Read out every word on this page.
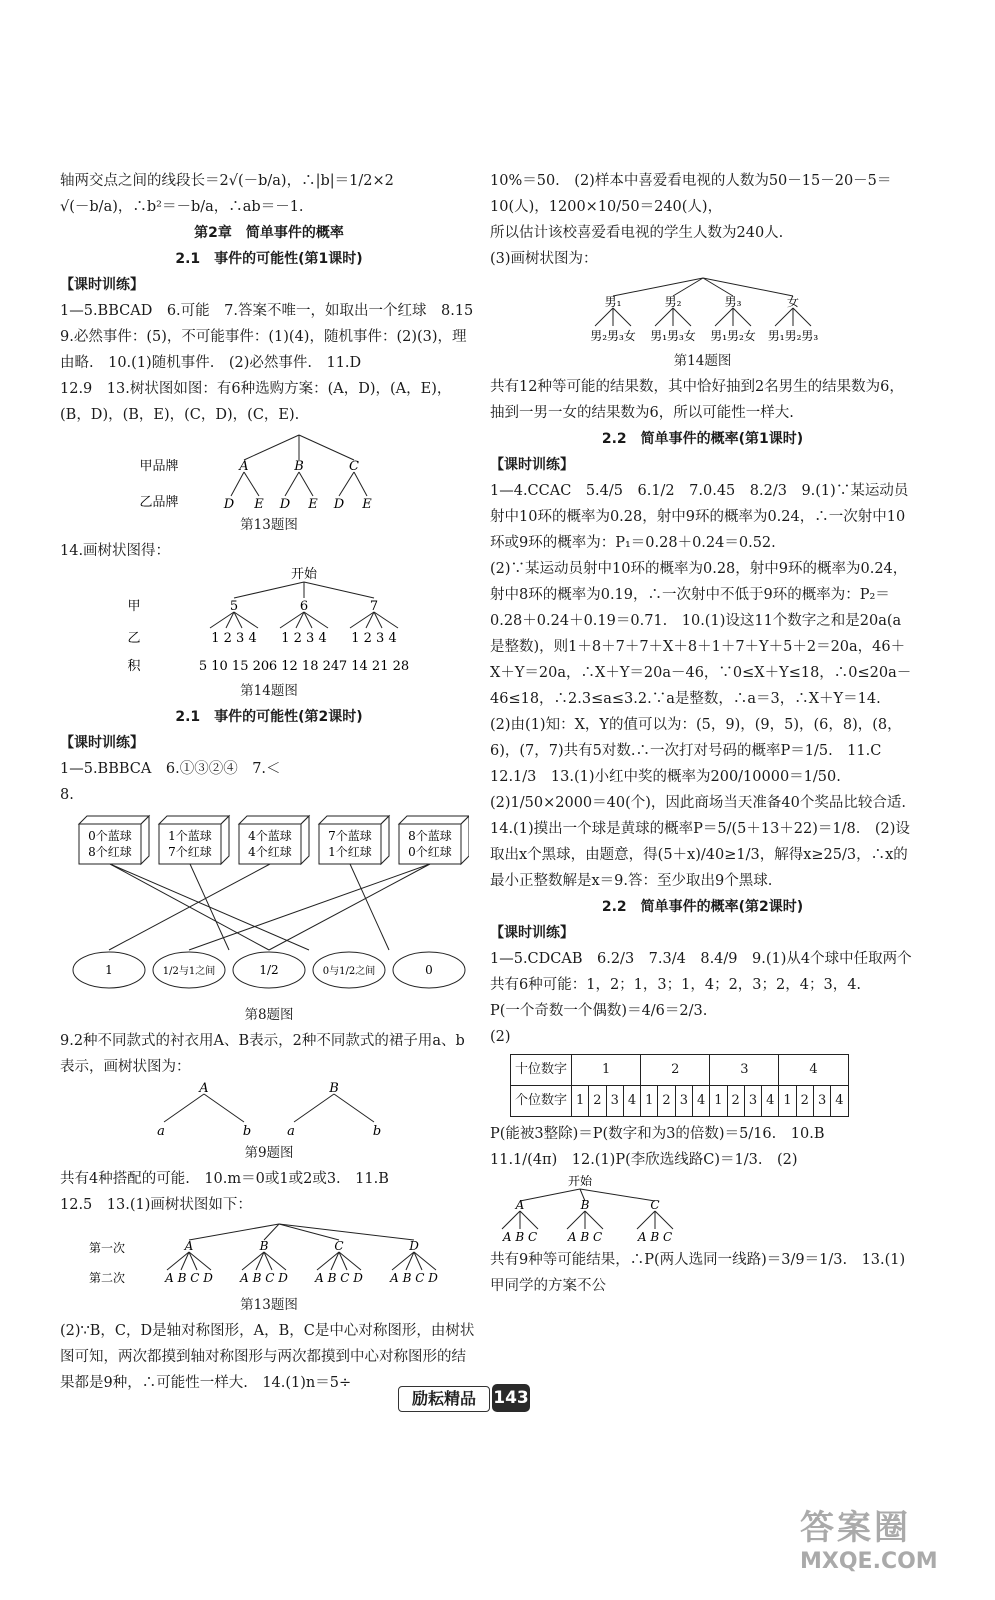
轴两交点之间的线段长＝2√(－b/a)，∴|b|＝1/2×2

√(－b/a)，∴b²＝－b/a，∴ab＝－1.

第2章　简单事件的概率

2.1　事件的可能性(第1课时)

【课时训练】

1—5.BBCAD　6.可能　7.答案不唯一，如取出一个红球　8.15　9.必然事件：(5)，不可能事件：(1)(4)，随机事件：(2)(3)，理由略.　10.(1)随机事件.　(2)必然事件.　11.D

12.9　13.树状图如图：有6种选购方案：(A，D)，(A，E)，(B，D)，(B，E)，(C，D)，(C，E).

甲品牌
乙品牌
A	B	C
D E D E D E

第13题图

14.画树状图得：

开始
甲
乙
积
5	6	7
1 2 3 4 1 2 3 4 1 2 3 4
5 10 15 20 6 12 18 24 7 14 21 28

第14题图

2.1　事件的可能性(第2课时)

【课时训练】

1—5.BBBCA　6.①③②④　7.＜

8.

0个蓝球
8个红球
1个蓝球
7个红球
4个蓝球
4个红球
7个蓝球
1个红球
8个蓝球
0个红球
1	1/2与1之间	1/2	0与1/2之间	0

第8题图

9.2种不同款式的衬衣用A、B表示，2种不同款式的裙子用a、b表示，画树状图为：

A	B
a	b	a	b

第9题图

共有4种搭配的可能.　10.m＝0或1或2或3.　11.B

12.5　13.(1)画树状图如下：

第一次
第二次
A	B	C	D
A B C D A B C D A B C D A B C D

第13题图

(2)∵B，C，D是轴对称图形，A，B，C是中心对称图形，由树状图可知，两次都摸到轴对称图形与两次都摸到中心对称图形的结果都是9种，∴可能性一样大.　14.(1)n＝5÷

10%＝50.　(2)样本中喜爱看电视的人数为50－15－20－5＝10(人)，1200×10/50＝240(人)，

所以估计该校喜爱看电视的学生人数为240人.

(3)画树状图为：

男₁	男₂	男₃	女
男₂男₃女 男₁男₃女 男₁男₂女 男₁男₂男₃

第14题图

共有12种等可能的结果数，其中恰好抽到2名男生的结果数为6，抽到一男一女的结果数为6，所以可能性一样大.

2.2　简单事件的概率(第1课时)

【课时训练】

1—4.CCAC　5.4/5　6.1/2　7.0.45　8.2/3　9.(1)∵某运动员射中10环的概率为0.28，射中9环的概率为0.24，∴一次射中10环或9环的概率为：P₁＝0.28＋0.24＝0.52.

(2)∵某运动员射中10环的概率为0.28，射中9环的概率为0.24，射中8环的概率为0.19，∴一次射中不低于9环的概率为：P₂＝0.28＋0.24＋0.19＝0.71.　10.(1)设这11个数字之和是20a(a是整数)，则1＋8＋7＋7＋X＋8＋1＋7＋Y＋5＋2＝20a，46＋X＋Y＝20a，∴X＋Y＝20a－46，∵0≤X＋Y≤18，∴0≤20a－46≤18，∴2.3≤a≤3.2.∵a是整数，∴a＝3，∴X＋Y＝14.　(2)由(1)知：X，Y的值可以为：(5，9)，(9，5)，(6，8)，(8，6)，(7，7)共有5对数.∴一次打对号码的概率P＝1/5.　11.C　12.1/3　13.(1)小红中奖的概率为200/10000＝1/50.　(2)1/50×2000＝40(个)，因此商场当天准备40个奖品比较合适.　14.(1)摸出一个球是黄球的概率P＝5/(5＋13＋22)＝1/8.　(2)设取出x个黑球，由题意，得(5＋x)/40≥1/3，解得x≥25/3，∴x的最小正整数解是x＝9.答：至少取出9个黑球.

2.2　简单事件的概率(第2课时)

【课时训练】

1—5.CDCAB　6.2/3　7.3/4　8.4/9　9.(1)从4个球中任取两个共有6种可能：1，2；1，3；1，4；2，3；2，4；3，4.

P(一个奇数一个偶数)＝4/6＝2/3.

(2)

十位数字	1				2				3				4			
个位数字	1	2	3	4	1	2	3	4	1	2	3	4	1	2	3	4

P(能被3整除)＝P(数字和为3的倍数)＝5/16.　10.B

11.1/(4π)　12.(1)P(李欣选线路C)＝1/3.　(2)

开始
A	B	C
A B C	A B C	A B C

共有9种等可能结果，∴P(两人选同一线路)＝3/9＝1/3.　13.(1)甲同学的方案不公

励耘精品	143
答案圈
MXQE.COM
